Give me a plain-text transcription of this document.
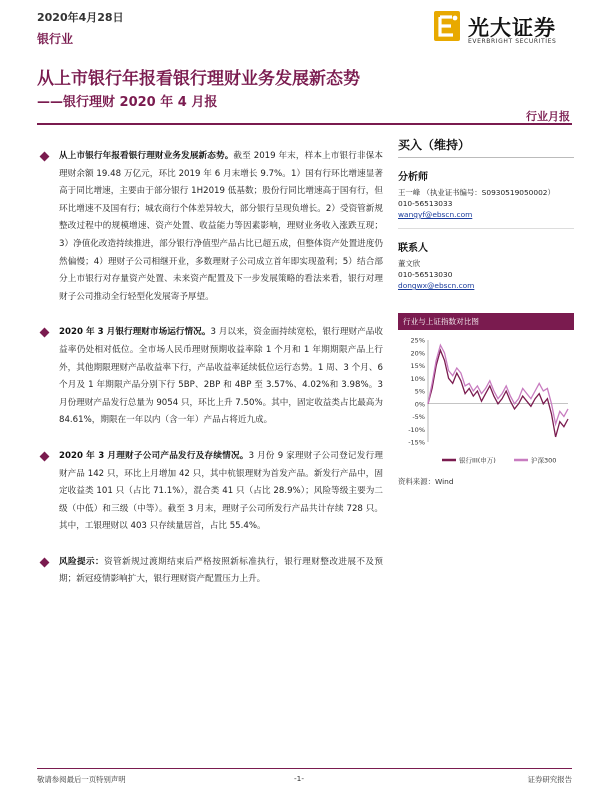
2020年4月28日
银行业	光大证券
EVERBRIGHT SECURITIES
从上市银行年报看银行理财业务发展新态势
——银行理财 2020 年 4 月报
行业月报
从上市银行年报看银行理财业务发展新态势。截至 2019 年末，样本上市银行非保本理财余额 19.48 万亿元，环比 2019 年 6 月末增长 9.7%。1）国有行环比增速显著高于同比增速，主要由于部分银行 1H2019 低基数；股份行同比增速高于国有行，但环比增速不及国有行；城农商行个体差异较大，部分银行呈现负增长。2）受资管新规整改过程中的规模增速、资产处置、收益能力等因素影响，理财业务收入涨跌互现；3）净值化改造持续推进，部分银行净值型产品占比已超五成，但整体资产处置进度仍然偏慢；4）理财子公司相继开业，多数理财子公司成立首年即实现盈利；5）结合部分上市银行对存量资产处置、未来资产配置及下一步发展策略的看法来看，银行对理财子公司推动全行轻型化发展寄予厚望。
2020 年 3 月银行理财市场运行情况。3 月以来，资金面持续宽松，银行理财产品收益率仍处相对低位。全市场人民币理财预期收益率除 1 个月和 1 年期期限产品上行外，其他期限理财产品收益率下行，产品收益率延续低位运行态势。1 周、3 个月、6 个月及 1 年期限产品分别下行 5BP、2BP 和 4BP 至 3.57%、4.02%和 3.98%。3 月份理财产品发行总量为 9054 只，环比上升 7.50%。其中，固定收益类占比最高为 84.61%，期限在一年以内（含一年）产品占将近九成。
2020 年 3 月理财子公司产品发行及存续情况。3 月份 9 家理财子公司登记发行理财产品 142 只，环比上月增加 42 只，其中杭银理财为首发产品。新发行产品中，固定收益类 101 只（占比 71.1%），混合类 41 只（占比 28.9%）；风险等级主要为二级（中低）和三级（中等）。截至 3 月末，理财子公司所发行产品共计存续 728 只。其中，工银理财以 403 只存续量居首，占比 55.4%。
风险提示：资管新规过渡期结束后严格按照新标准执行，银行理财整改进展不及预期；新冠疫情影响扩大，银行理财资产配置压力上升。
买入（维持）
分析师
王一峰 （执业证书编号：S0930519050002）
010-56513033
wangyf@ebscn.com
联系人
董文欣
010-56513030
dongwx@ebscn.com
行业与上证指数对比图
25%
20%
15%
10%
5%
0%
-5%
-10%
-15%
银行III(申万)	沪深300
资料来源：Wind
敬请参阅最后一页特别声明	-1-	证券研究报告
